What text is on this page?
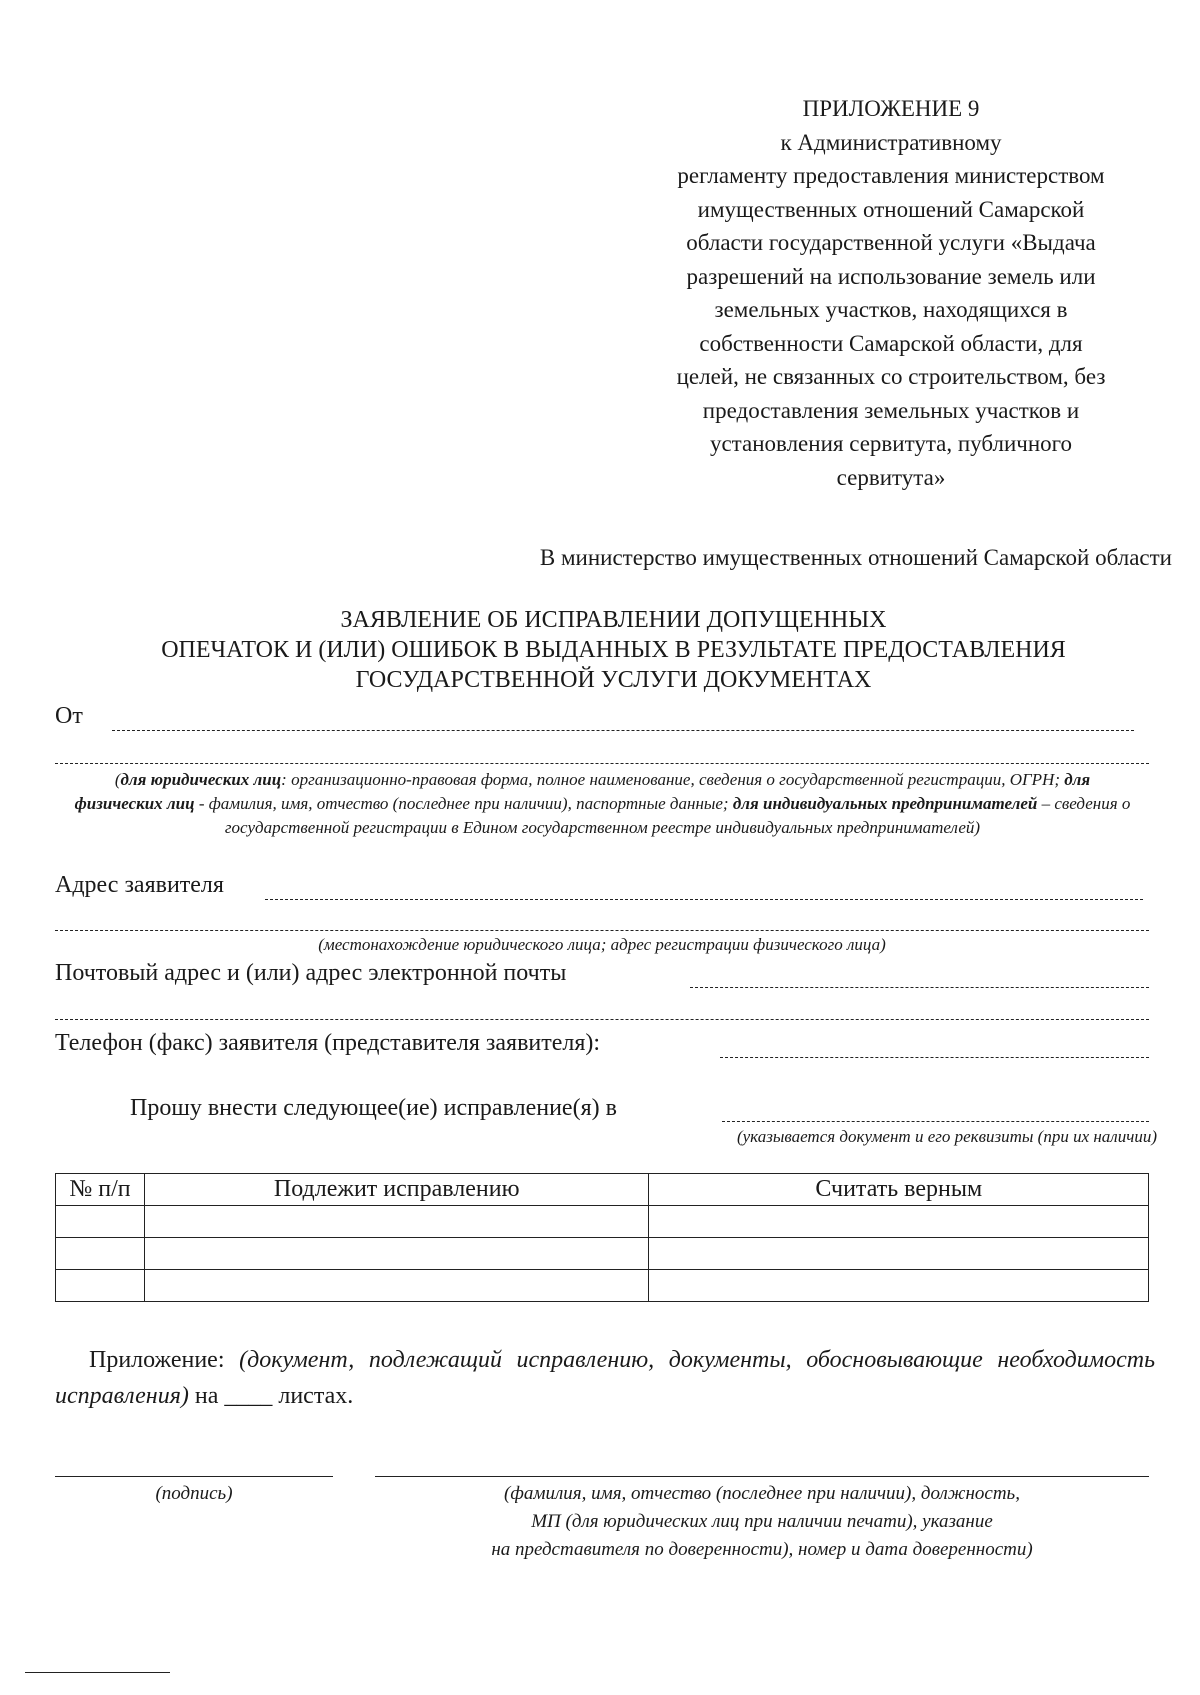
ПРИЛОЖЕНИЕ 9
к Административному
регламенту предоставления министерством
имущественных отношений Самарской
области государственной услуги «Выдача
разрешений на использование земель или
земельных участков, находящихся в
собственности Самарской области, для
целей, не связанных со строительством, без
предоставления земельных участков и
установления сервитута, публичного
сервитута»
В министерство имущественных отношений Самарской области
ЗАЯВЛЕНИЕ ОБ ИСПРАВЛЕНИИ ДОПУЩЕННЫХ
ОПЕЧАТОК И (ИЛИ) ОШИБОК В ВЫДАННЫХ В РЕЗУЛЬТАТЕ ПРЕДОСТАВЛЕНИЯ
ГОСУДАРСТВЕННОЙ УСЛУГИ ДОКУМЕНТАХ
От
(для юридических лиц: организационно-правовая форма, полное наименование, сведения о государственной регистрации, ОГРН; для физических лиц - фамилия, имя, отчество (последнее при наличии), паспортные данные; для индивидуальных предпринимателей – сведения о государственной регистрации в Едином государственном реестре индивидуальных предпринимателей)
Адрес заявителя
(местонахождение юридического лица; адрес регистрации физического лица)
Почтовый адрес и (или) адрес электронной почты
Телефон (факс) заявителя (представителя заявителя):
Прошу внести следующее(ие) исправление(я) в
(указывается документ и его реквизиты (при их наличии)
№ п/п	Подлежит исправлению	Считать верным

Приложение: (документ, подлежащий исправлению, документы, обосновывающие необходимость исправления) на ____ листах.
(подпись)	(фамилия, имя, отчество (последнее при наличии), должность,
МП (для юридических лиц при наличии печати), указание
на представителя по доверенности), номер и дата доверенности)
